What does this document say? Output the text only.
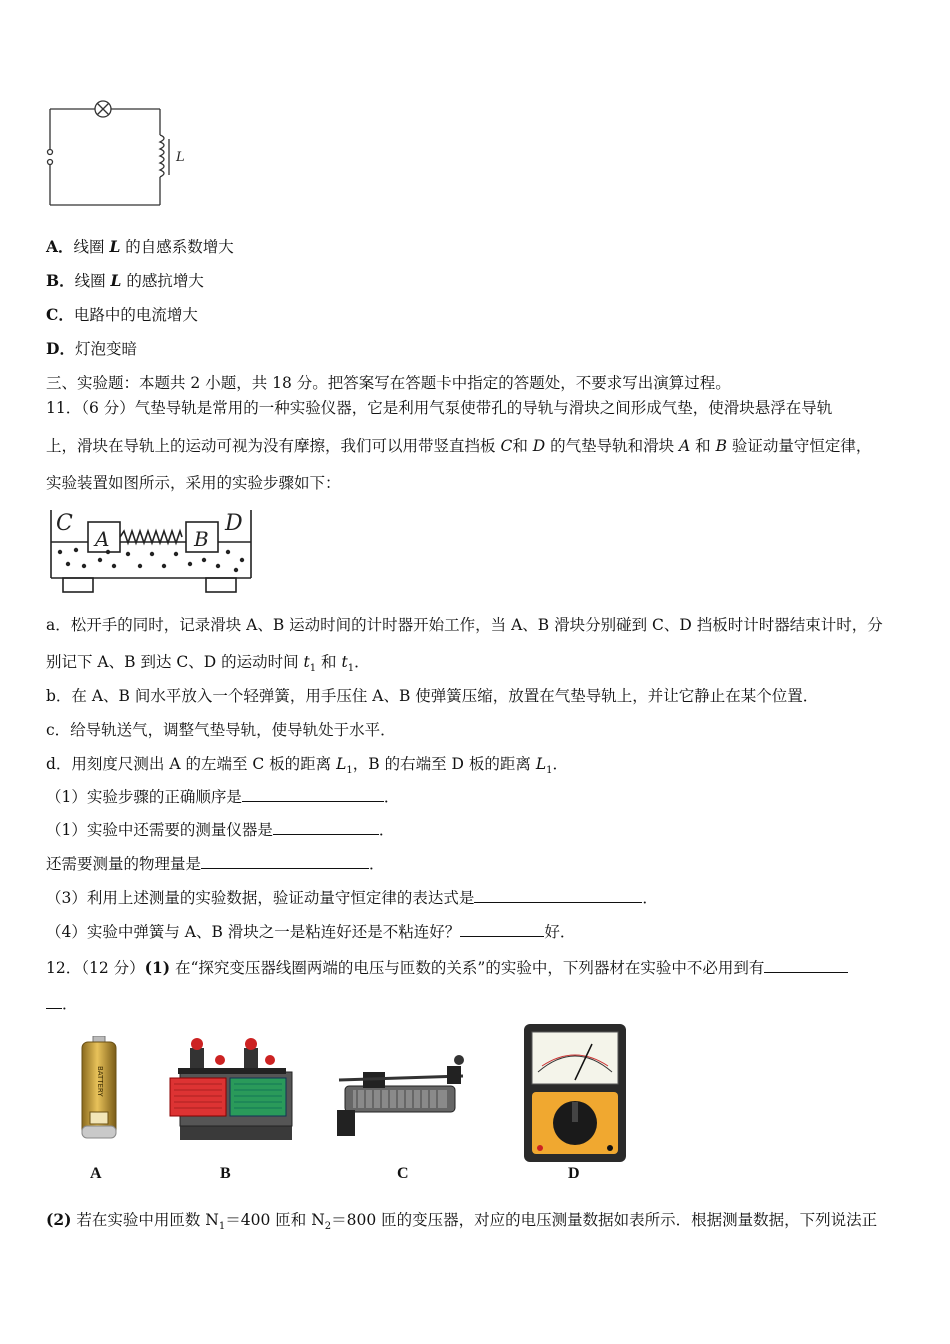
L
A．线圈 L 的自感系数增大
B．线圈 L 的感抗增大
C．电路中的电流增大
D．灯泡变暗
三、实验题：本题共 2 小题，共 18 分。把答案写在答题卡中指定的答题处，不要求写出演算过程。
11．（6 分）气垫导轨是常用的一种实验仪器，它是利用气泵使带孔的导轨与滑块之间形成气垫，使滑块悬浮在导轨
上，滑块在导轨上的运动可视为没有摩擦，我们可以用带竖直挡板 C和 D 的气垫导轨和滑块 A 和 B 验证动量守恒定律，
实验装置如图所示，采用的实验步骤如下：
C	D
A	B
a．松开手的同时，记录滑块 A、B 运动时间的计时器开始工作，当 A、B 滑块分别碰到 C、D 挡板时计时器结束计时，分
别记下 A、B 到达 C、D 的运动时间 $t_1$ 和 $t_1$．
b．在 A、B 间水平放入一个轻弹簧，用手压住 A、B 使弹簧压缩，放置在气垫导轨上，并让它静止在某个位置．
c．给导轨送气，调整气垫导轨，使导轨处于水平．
d．用刻度尺测出 A 的左端至 C 板的距离 $L_1$，B 的右端至 D 板的距离 $L_1$．
（1）实验步骤的正确顺序是	．
（1）实验中还需要的测量仪器是	．
还需要测量的物理量是	．
（3）利用上述测量的实验数据，验证动量守恒定律的表达式是	．
（4）实验中弹簧与 A、B 滑块之一是粘连好还是不粘连好？	好．
12．（12 分）(1) 在“探究变压器线圈两端的电压与匝数的关系”的实验中，下列器材在实验中不必用到有
．
BATTERY
A	B	C	D
(2) 若在实验中用匝数 $N_1=400$ 匝和 $N_2=800$ 匝的变压器，对应的电压测量数据如表所示．根据测量数据，下列说法正
